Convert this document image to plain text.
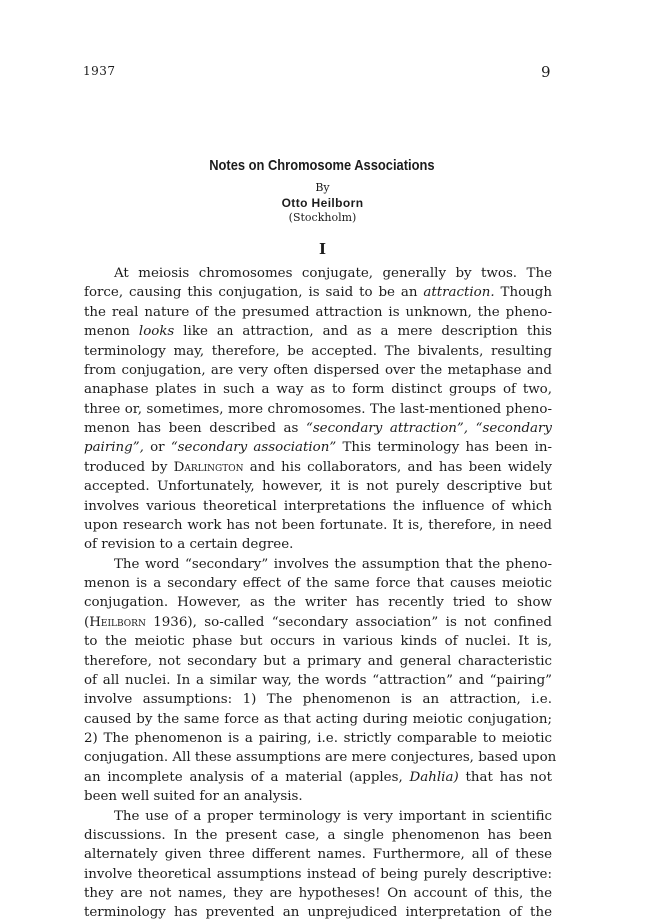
1937	9
Notes on Chromosome Associations
By
Otto Heilborn
(Stockholm)
I
At meiosis chromosomes conjugate, generally by twos. The
force, causing this conjugation, is said to be an attraction. Though
the real nature of the presumed attraction is unknown, the pheno-
menon looks like an attraction, and as a mere description this
terminology may, therefore, be accepted. The bivalents, resulting
from conjugation, are very often dispersed over the metaphase and
anaphase plates in such a way as to form distinct groups of two,
three or, sometimes, more chromosomes. The last-mentioned pheno-
menon has been described as “secondary attraction”, “secondary
pairing”, or “secondary association” This terminology has been in-
troduced by Darlington and his collaborators, and has been widely
accepted. Unfortunately, however, it is not purely descriptive but
involves various theoretical interpretations the influence of which
upon research work has not been fortunate. It is, therefore, in need
of revision to a certain degree.
The word “secondary” involves the assumption that the pheno-
menon is a secondary effect of the same force that causes meiotic
conjugation. However, as the writer has recently tried to show
(Heilborn 1936), so-called “secondary association” is not confined
to the meiotic phase but occurs in various kinds of nuclei. It is,
therefore, not secondary but a primary and general characteristic
of all nuclei. In a similar way, the words “attraction” and “pairing”
involve assumptions: 1) The phenomenon is an attraction, i.e.
caused by the same force as that acting during meiotic conjugation;
2) The phenomenon is a pairing, i.e. strictly comparable to meiotic
conjugation. All these assumptions are mere conjectures, based upon
an incomplete analysis of a material (apples, Dahlia) that has not
been well suited for an analysis.
The use of a proper terminology is very important in scientific
discussions. In the present case, a single phenomenon has been
alternately given three different names. Furthermore, all of these
involve theoretical assumptions instead of being purely descriptive:
they are not names, they are hypotheses! On account of this, the
terminology has prevented an unprejudiced interpretation of the
